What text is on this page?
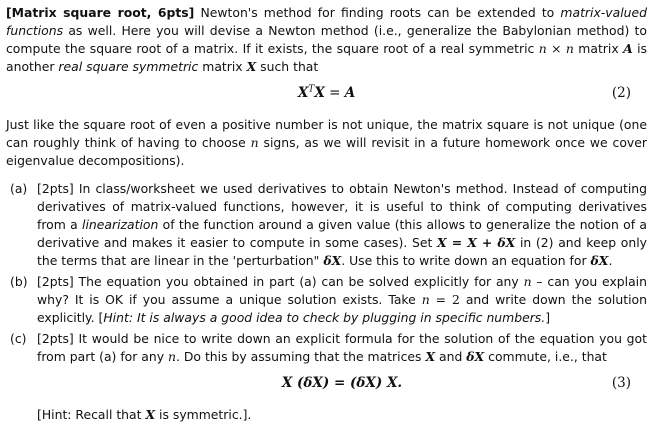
[Matrix square root, 6pts] Newton's method for finding roots can be extended to matrix-valued functions as well. Here you will devise a Newton method (i.e., generalize the Babylonian method) to compute the square root of a matrix. If it exists, the square root of a real symmetric n × n matrix A is another real square symmetric matrix X such that

$X^TX = A$	(2)

Just like the square root of even a positive number is not unique, the matrix square is not unique (one can roughly think of having to choose n signs, as we will revisit in a future homework once we cover eigenvalue decompositions).

(a) [2pts] In class/worksheet we used derivatives to obtain Newton's method. Instead of computing derivatives of matrix-valued functions, however, it is useful to think of computing derivatives from a linearization of the function around a given value (this allows to generalize the notion of a derivative and makes it easier to compute in some cases). Set X = X + δX in (2) and keep only the terms that are linear in the 'perturbation" δX. Use this to write down an equation for δX.
(b) [2pts] The equation you obtained in part (a) can be solved explicitly for any n – can you explain why? It is OK if you assume a unique solution exists. Take n = 2 and write down the solution explicitly. [Hint: It is always a good idea to check by plugging in specific numbers.]
(c) [2pts] It would be nice to write down an explicit formula for the solution of the equation you got from part (a) for any n. Do this by assuming that the matrices X and δX commute, i.e., that
X (δX) = (δX) X.	(3)

[Hint: Recall that X is symmetric.].
